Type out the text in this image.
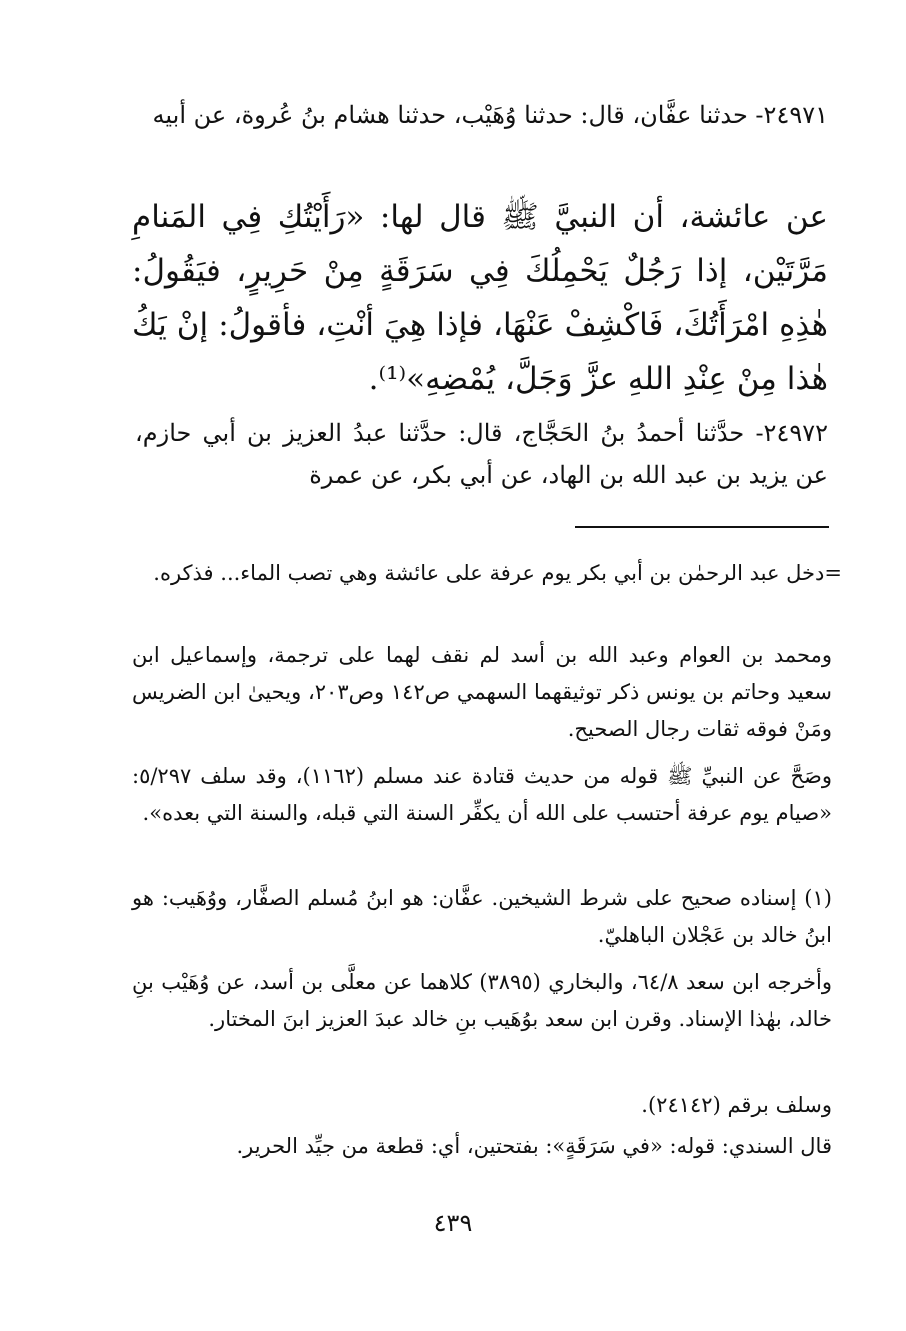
٢٤٩٧١- حدثنا عفَّان، قال: حدثنا وُهَيْب، حدثنا هشام بنُ عُروة، عن أبيه

عن عائشة، أن النبيَّ ﷺ قال لها: «رَأَيْتُكِ فِي المَنامِ مَرَّتَيْن، إذا رَجُلٌ يَحْمِلُكَ فِي سَرَقَةٍ مِنْ حَرِيرٍ، فيَقُولُ: هٰذِهِ امْرَأَتُكَ، فَاكْشِفْ عَنْهَا، فإذا هِيَ أنْتِ، فأقولُ: إنْ يَكُ هٰذا مِنْ عِنْدِ اللهِ عزَّ وَجَلَّ، يُمْضِهِ»⁽¹⁾.

٢٤٩٧٢- حدَّثنا أحمدُ بنُ الحَجَّاج، قال: حدَّثنا عبدُ العزيز بن أبي حازم، عن يزيد بن عبد الله بن الهاد، عن أبي بكر، عن عمرة

=دخل عبد الرحمٰن بن أبي بكر يوم عرفة على عائشة وهي تصب الماء... فذكره.

ومحمد بن العوام وعبد الله بن أسد لم نقف لهما على ترجمة، وإسماعيل ابن سعيد وحاتم بن يونس ذكر توثيقهما السهمي ص١٤٢ وص٢٠٣، ويحيىٰ ابن الضريس ومَنْ فوقه ثقات رجال الصحيح.

وصَحَّ عن النبيِّ ﷺ قوله من حديث قتادة عند مسلم (١١٦٢)، وقد سلف ٥/٢٩٧: «صيام يوم عرفة أحتسب على الله أن يكفِّر السنة التي قبله، والسنة التي بعده».

(١) إسناده صحيح على شرط الشيخين. عفَّان: هو ابنُ مُسلم الصفَّار، ووُهَيب: هو ابنُ خالد بن عَجْلان الباهليّ.

وأخرجه ابن سعد ٦٤/٨، والبخاري (٣٨٩٥) كلاهما عن معلَّى بن أسد، عن وُهَيْب بنِ خالد، بهٰذا الإسناد. وقرن ابن سعد بوُهَيب بنِ خالد عبدَ العزيز ابنَ المختار.

وسلف برقم (٢٤١٤٢).

قال السندي: قوله: «في سَرَقَةٍ»: بفتحتين، أي: قطعة من جيِّد الحرير.

٤٣٩
